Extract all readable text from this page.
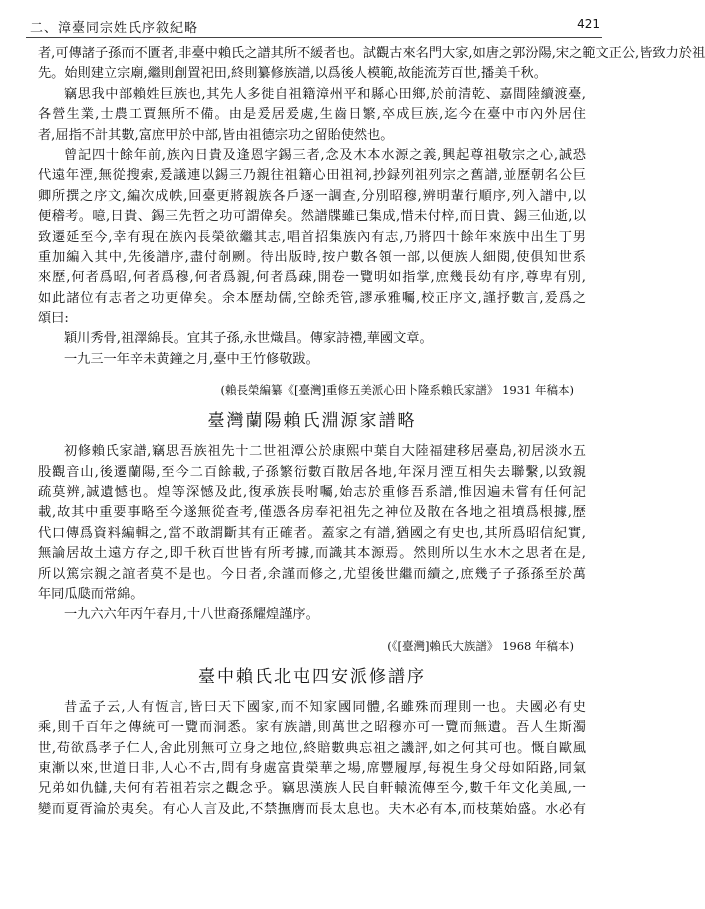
二、漳臺同宗姓氏序敘紀略	421
者,可傳諸子孫而不匱者,非臺中賴氏之譜其所不緩者也。試觀古來名門大家,如唐之郭汾陽,宋之範文正公,皆致力於祖
先。始則建立宗廟,繼則創置祀田,終則纂修族譜,以爲後人模範,故能流芳百世,播美千秋。
竊思我中部賴姓巨族也,其先人多徙自祖籍漳州平和縣心田鄉,於前清乾、嘉間陸續渡臺,
各營生業,士農工賈無所不備。由是爰居爰處,生齒日繁,卒成巨族,迄今在臺中市內外居住
者,屈指不計其數,富庶甲於中部,皆由祖德宗功之留貽使然也。
曾記四十餘年前,族內日貴及逢恩字錫三者,念及木本水源之義,興起尊祖敬宗之心,誠恐
代遠年湮,無從搜索,爰議連以錫三乃親往祖籍心田祖祠,抄録列祖列宗之舊譜,並歷朝名公巨
卿所撰之序文,編次成帙,回臺更將親族各戶逐一調查,分別昭穆,辨明輩行順序,列入譜中,以
便稽考。噫,日貴、錫三先哲之功可謂偉矣。然譜牒雖已集成,惜未付梓,而日貴、錫三仙逝,以
致遷延至今,幸有現在族內長榮欲繼其志,唱首招集族內有志,乃將四十餘年來族中出生丁男
重加編入其中,先後譜序,盡付剞劂。待出版時,按户數各領一部,以便族人細閱,使俱知世系
來歷,何者爲昭,何者爲穆,何者爲親,何者爲疎,開卷一覽明如指掌,庶幾長幼有序,尊卑有別,
如此諸位有志者之功更偉矣。余本歷劫儒,空餘禿管,謬承雅囑,校正序文,謹抒數言,爰爲之
頌曰:
穎川秀骨,祖澤綿長。宜其子孫,永世熾昌。傳家詩禮,華國文章。
一九三一年辛未黄鐘之月,臺中王竹修敬跋。
(賴長榮編纂《[臺灣]重修五美派心田卜隆系賴氏家譜》 1931 年稿本)
臺灣蘭陽賴氏淵源家譜略
初修賴氏家譜,竊思吾族祖先十二世祖潭公於康熙中葉自大陸福建移居臺島,初居淡水五
股觀音山,後遷蘭陽,至今二百餘載,子孫繁衍數百散居各地,年深月湮互相失去聯繫,以致親
疏莫辨,誠遺憾也。煌等深憾及此,復承族長咐囑,始志於重修吾系譜,惟因遍未嘗有任何記
載,故其中重要事略至今遂無從查考,僅憑各房奉祀祖先之神位及散在各地之祖墳爲根據,歷
代口傳爲資料編輯之,當不敢謂斷其有正確者。蓋家之有譜,猶國之有史也,其所爲昭信紀實,
無論居故土遠方存之,即千秋百世皆有所考據,而識其本源焉。然則所以生水木之思者在是,
所以篤宗親之誼者莫不是也。今日者,余謹而修之,尤望後世繼而續之,庶幾子子孫孫至於萬
年同瓜瓞而常綿。
一九六六年丙午春月,十八世裔孫耀煌謹序。
(《[臺灣]賴氏大族譜》 1968 年稿本)
臺中賴氏北屯四安派修譜序
昔孟子云,人有恆言,皆曰天下國家,而不知家國同體,名雖殊而理則一也。夫國必有史
乘,則千百年之傳統可一覽而洞悉。家有族譜,則萬世之昭穆亦可一覽而無遺。吾人生斯濁
世,苟欲爲孝子仁人,舍此別無可立身之地位,終賠數典忘祖之譏評,如之何其可也。慨自歐風
東漸以來,世道日非,人心不古,問有身處富貴榮華之場,席豐履厚,每視生身父母如陌路,同氣
兄弟如仇讎,夫何有若祖若宗之觀念乎。竊思漢族人民自軒轅流傳至今,數千年文化美風,一
變而夏胥淪於夷矣。有心人言及此,不禁撫膺而長太息也。夫木必有本,而枝葉始盛。水必有
